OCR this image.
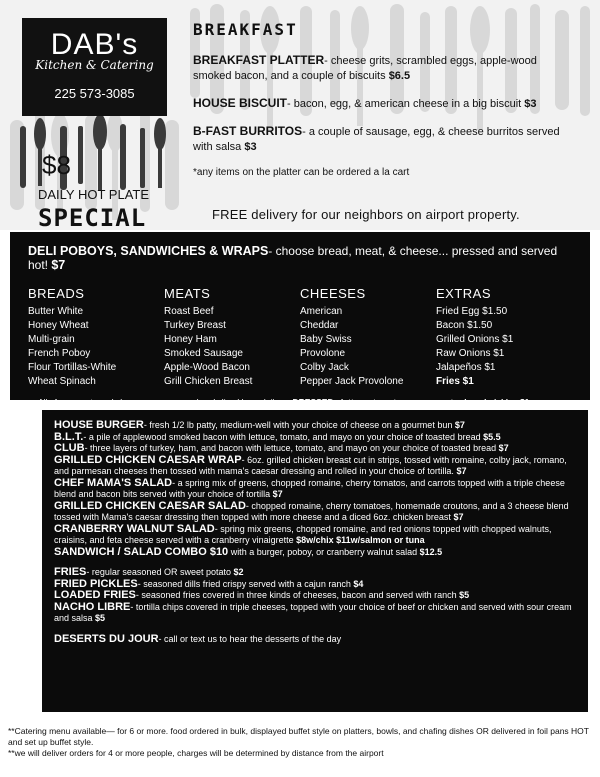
DAB's
Kitchen & Catering
225 573-3085
$8
DAILY HOT PLATE
SPECIAL
BREAKFAST
BREAKFAST PLATTER- cheese grits, scrambled eggs, apple-wood smoked bacon, and a couple of biscuits $6.5
HOUSE BISCUIT- bacon, egg, & american cheese in a big biscuit $3
B-FAST BURRITOS- a couple of sausage, egg, & cheese burritos served with salsa $3
*any items on the platter can be ordered a la cart
FREE delivery for our neighbors on airport property.
DELI POBOYS, SANDWICHES & WRAPS- choose bread, meat, & cheese... pressed and served hot! $7
BREADS
Butter White
Honey Wheat
Multi-grain
French Poboy
Flour Tortillas-White
Wheat Spinach
MEATS
Roast Beef
Turkey Breast
Honey Ham
Smoked Sausage
Apple-Wood Bacon
Grill Chicken Breast
CHEESES
American
Cheddar
Baby Swiss
Provolone
Colby Jack
Pepper Jack Provolone
EXTRAS
Fried Egg $1.50
Bacon $1.50
Grilled Onions $1
Raw Onions $1
Jalapeños $1
Fries $1
All of our meats and cheeses are prepared and sliced here daily DRESSED= lettuce, tomato, mayo, mustard, and pickles $1
HOUSE BURGER- fresh 1/2 lb patty, medium-well with your choice of cheese on a gourmet bun $7
B.L.T.- a pile of applewood smoked bacon with lettuce, tomato, and mayo on your choice of toasted bread $5.5
CLUB- three layers of turkey, ham, and bacon with lettuce, tomato, and mayo on your choice of toasted bread $7
GRILLED CHICKEN CAESAR WRAP- 6oz. grilled chicken breast cut in strips, tossed with romaine, colby jack, romano, and parmesan cheeses then tossed with mama's caesar dressing and rolled in your choice of tortilla. $7
CHEF MAMA'S SALAD- a spring mix of greens, chopped romaine, cherry tomatos, and carrots topped with a triple cheese blend and bacon bits served with your choice of tortilla $7
GRILLED CHICKEN CAESAR SALAD- chopped romaine, cherry tomatoes, homemade croutons, and a 3 cheese blend tossed with Mama's caesar dressing then topped with more cheese and a diced 6oz. chicken breast $7
CRANBERRY WALNUT SALAD- spring mix greens, chopped romaine, and red onions topped with chopped walnuts, craisins, and feta cheese served with a cranberry vinaigrette $8w/chix $11w/salmon or tuna
SANDWICH / SALAD COMBO $10 with a burger, poboy, or cranberry walnut salad $12.5
FRIES- regular seasoned OR sweet potato $2
FRIED PICKLES- seasoned dills fried crispy served with a cajun ranch $4
LOADED FRIES- seasoned fries covered in three kinds of cheeses, bacon and served with ranch $5
NACHO LIBRE- tortilla chips covered in triple cheeses, topped with your choice of beef or chicken and served with sour cream and salsa $5
DESERTS DU JOUR- call or text us to hear the desserts of the day
**Catering menu available— for 6 or more. food ordered in bulk, displayed buffet style on platters, bowls, and chafing dishes OR delivered in foil pans HOT and set up buffet style.
**we will deliver orders for 4 or more people, charges will be determined by distance from the airport
